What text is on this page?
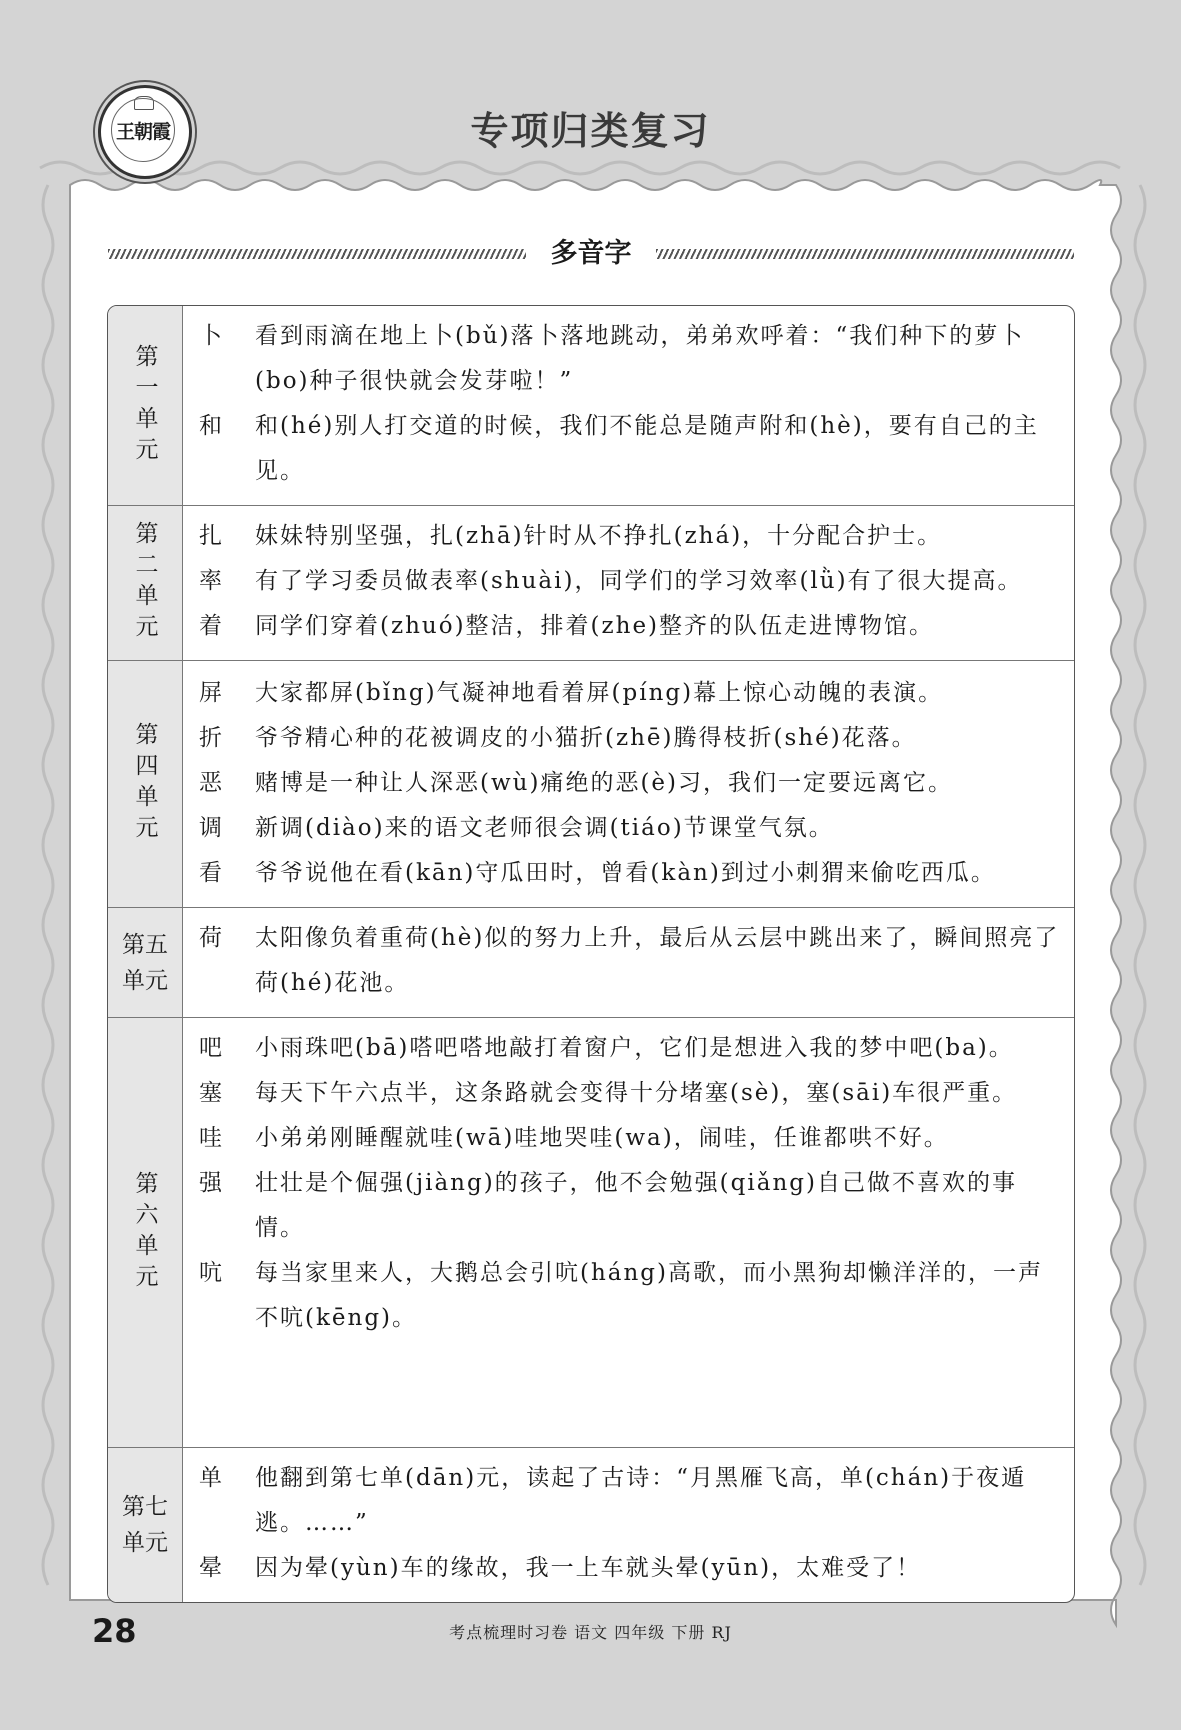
王朝霞	专项归类复习
多音字
第一单元
卜	看到雨滴在地上卜(bǔ)落卜落地跳动，弟弟欢呼着：“我们种下的萝卜(bo)种子很快就会发芽啦！”
和	和(hé)别人打交道的时候，我们不能总是随声附和(hè)，要有自己的主见。
第二单元 扎	妹妹特别坚强，扎(zhā)针时从不挣扎(zhá)，十分配合护士。
率	有了学习委员做表率(shuài)，同学们的学习效率(lǜ)有了很大提高。
着	同学们穿着(zhuó)整洁，排着(zhe)整齐的队伍走进博物馆。
第四单元
屏	大家都屏(bǐng)气凝神地看着屏(píng)幕上惊心动魄的表演。
折	爷爷精心种的花被调皮的小猫折(zhē)腾得枝折(shé)花落。
恶	赌博是一种让人深恶(wù)痛绝的恶(è)习，我们一定要远离它。
调	新调(diào)来的语文老师很会调(tiáo)节课堂气氛。
看	爷爷说他在看(kān)守瓜田时，曾看(kàn)到过小刺猬来偷吃西瓜。
第五单元
荷	太阳像负着重荷(hè)似的努力上升，最后从云层中跳出来了，瞬间照亮了荷(hé)花池。
第六单元
吧	小雨珠吧(bā)嗒吧嗒地敲打着窗户，它们是想进入我的梦中吧(ba)。
塞	每天下午六点半，这条路就会变得十分堵塞(sè)，塞(sāi)车很严重。
哇	小弟弟刚睡醒就哇(wā)哇地哭哇(wa)，闹哇，任谁都哄不好。
强	壮壮是个倔强(jiàng)的孩子，他不会勉强(qiǎng)自己做不喜欢的事情。
吭	每当家里来人，大鹅总会引吭(háng)高歌，而小黑狗却懒洋洋的，一声不吭(kēng)。
第七单元
单	他翻到第七单(dān)元，读起了古诗：“月黑雁飞高，单(chán)于夜遁逃。……”
晕	因为晕(yùn)车的缘故，我一上车就头晕(yūn)，太难受了！
28	考点梳理时习卷 语文 四年级 下册 RJ
